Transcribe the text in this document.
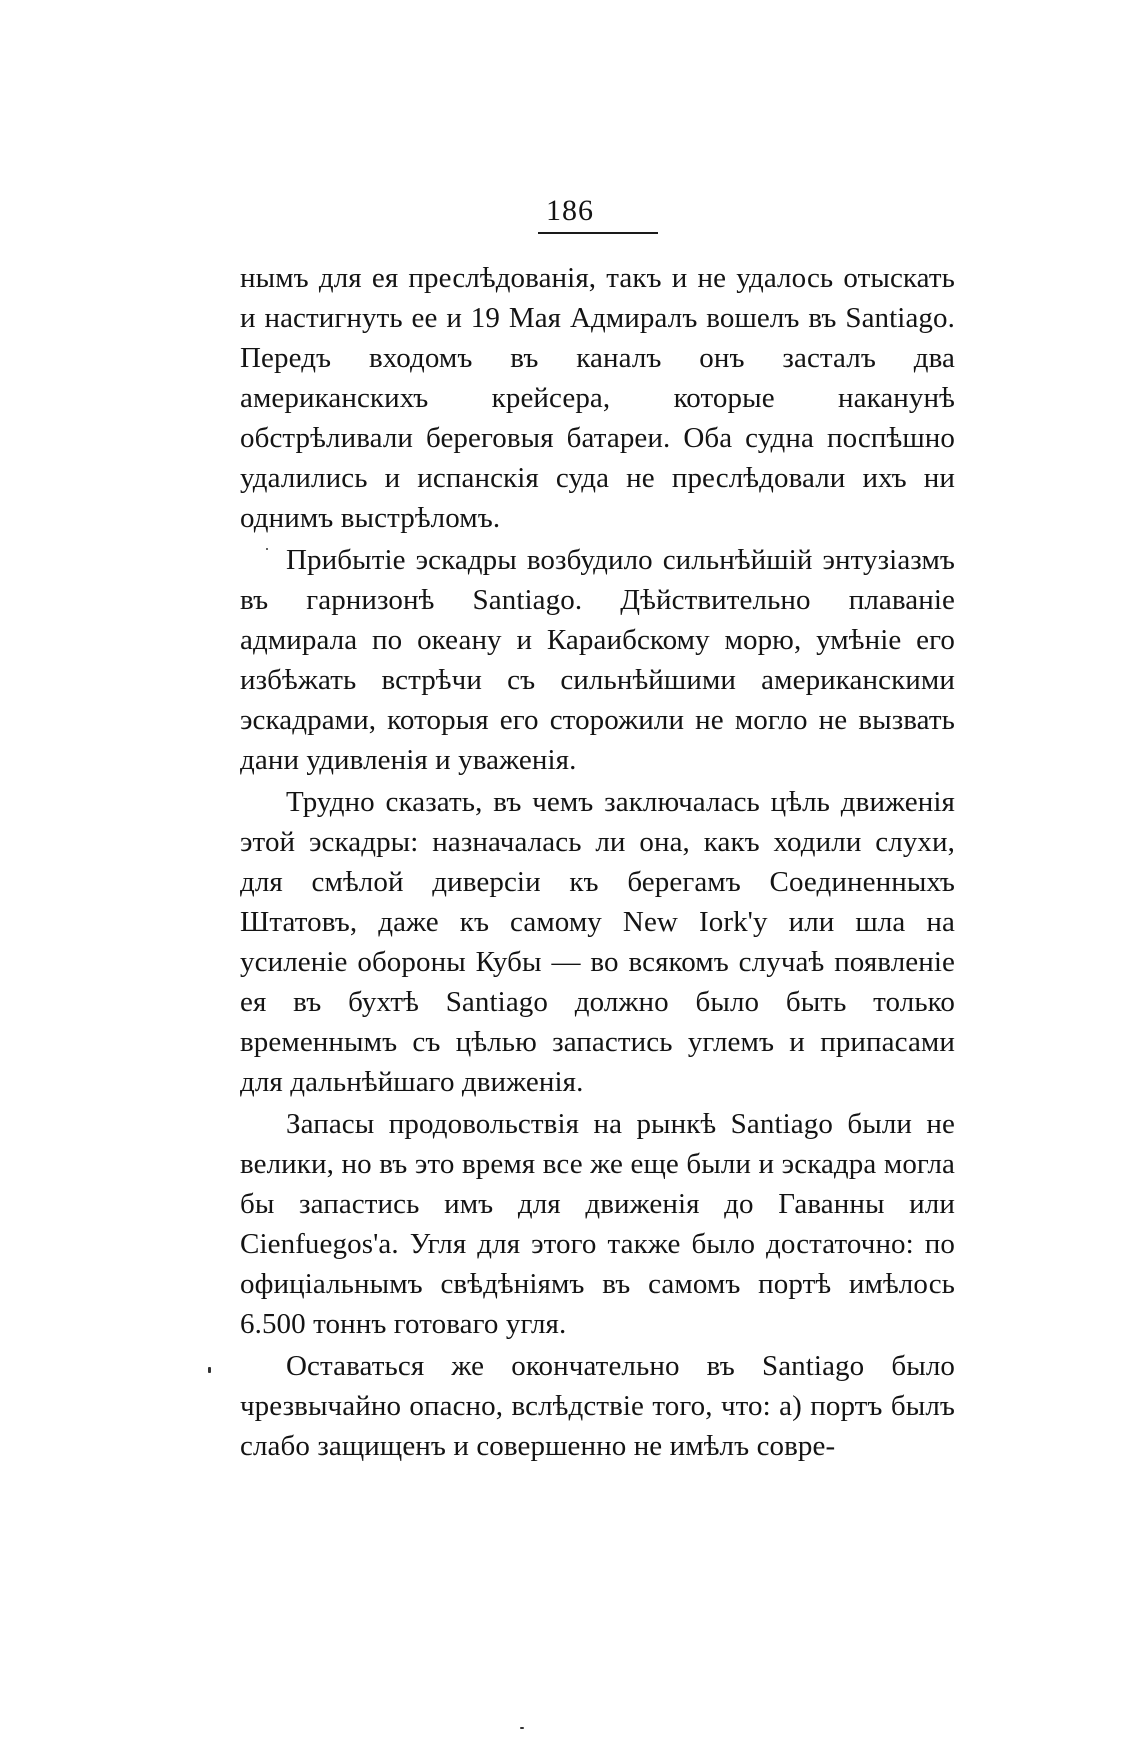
186

нымъ для ея преслѣдованія, такъ и не удалось отыскать и настигнуть ее и 19 Мая Адмиралъ вошелъ въ Santiago. Передъ входомъ въ каналъ онъ засталъ два американскихъ крейсера, которые наканунѣ обстрѣливали береговыя батареи. Оба судна поспѣшно удалились и испанскія суда не преслѣдовали ихъ ни однимъ выстрѣломъ.

Прибытіе эскадры возбудило сильнѣйшій энтузіазмъ въ гарнизонѣ Santiago. Дѣйствительно плаваніе адмирала по океану и Караибскому морю, умѣніе его избѣжать встрѣчи съ сильнѣйшими американскими эскадрами, которыя его сторожили не могло не вызвать дани удивленія и уваженія.

Трудно сказать, въ чемъ заключалась цѣль движенія этой эскадры: назначалась ли она, какъ ходили слухи, для смѣлой диверсіи къ берегамъ Соединенныхъ Штатовъ, даже къ самому New Iork'у или шла на усиленіе обороны Кубы — во всякомъ случаѣ появленіе ея въ бухтѣ Santiago должно было быть только временнымъ съ цѣлью запастись углемъ и припасами для дальнѣйшаго движенія.

Запасы продовольствія на рынкѣ Santiago были не велики, но въ это время все же еще были и эскадра могла бы запастись имъ для движенія до Гаванны или Cienfuegos'а. Угля для этого также было достаточно: по офиціальнымъ свѣдѣніямъ въ самомъ портѣ имѣлось 6.500 тоннъ готоваго угля.

Оставаться же окончательно въ Santiago было чрезвычайно опасно, вслѣдствіе того, что: а) портъ былъ слабо защищенъ и совершенно не имѣлъ совре-
